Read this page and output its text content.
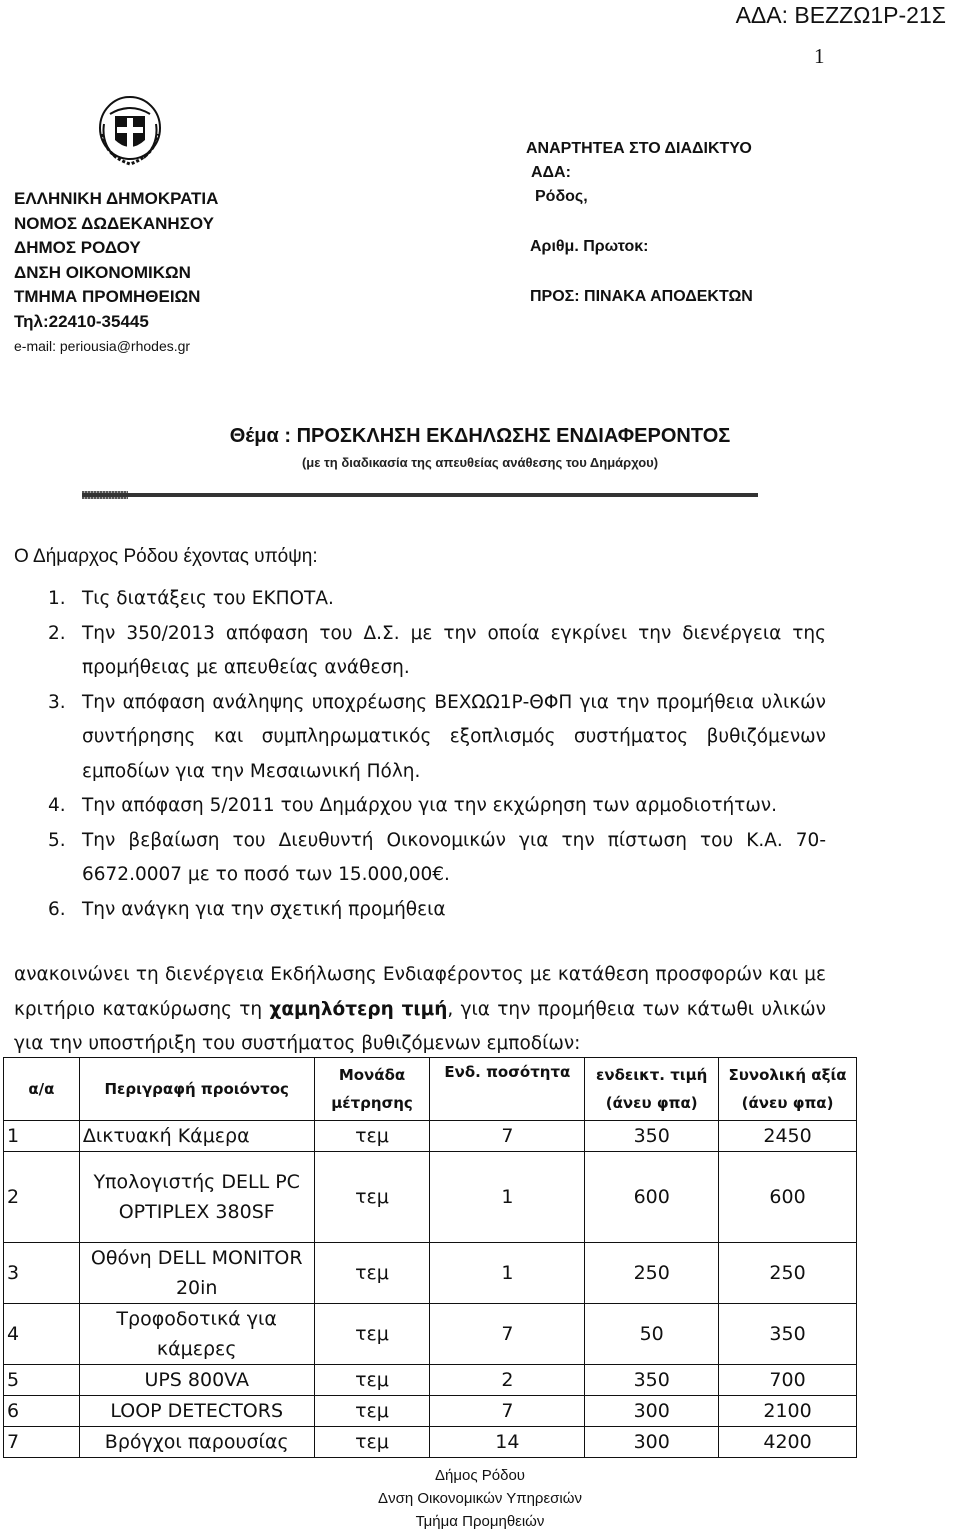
ΑΔΑ: ΒΕΖΖΩ1Ρ-21Σ
1
ΕΛΛΗΝΙΚΗ ΔΗΜΟΚΡΑΤΙΑ
ΝΟΜΟΣ ΔΩΔΕΚΑΝΗΣΟΥ
ΔΗΜΟΣ ΡΟΔΟΥ
ΔΝΣΗ ΟΙΚΟΝΟΜΙΚΩΝ
ΤΜΗΜΑ ΠΡΟΜΗΘΕΙΩΝ
Τηλ:22410-35445
e-mail: periousia@rhodes.gr
ΑΝΑΡΤΗΤΕΑ ΣΤΟ ΔΙΑΔΙΚΤΥΟ
ΑΔΑ:
Ρόδος,
Αριθμ. Πρωτοκ:
ΠΡΟΣ: ΠΙΝΑΚΑ ΑΠΟΔΕΚΤΩΝ
Θέμα : ΠΡΟΣΚΛΗΣΗ ΕΚΔΗΛΩΣΗΣ ΕΝΔΙΑΦΕΡΟΝΤΟΣ
(με τη διαδικασία της απευθείας ανάθεσης του Δημάρχου)
Ο Δήμαρχος Ρόδου έχοντας υπόψη:
1. Τις διατάξεις του ΕΚΠΟΤΑ.
2. Την 350/2013 απόφαση του Δ.Σ. με την οποία εγκρίνει την διενέργεια της προμήθειας με απευθείας ανάθεση.
3. Την απόφαση ανάληψης υποχρέωσης ΒΕΧΩΩ1Ρ-ΘΦΠ για την προμήθεια υλικών συντήρησης και συμπληρωματικός εξοπλισμός συστήματος βυθιζόμενων εμποδίων για την Μεσαιωνική Πόλη.
4. Την απόφαση 5/2011 του Δημάρχου για την εκχώρηση των αρμοδιοτήτων.
5. Την βεβαίωση του Διευθυντή Οικονομικών για την πίστωση του Κ.Α. 70-6672.0007 με το ποσό των 15.000,00€.
6. Την ανάγκη για την σχετική προμήθεια
ανακοινώνει τη διενέργεια Εκδήλωσης Ενδιαφέροντος με κατάθεση προσφορών και με κριτήριο κατακύρωσης τη χαμηλότερη τιμή, για την προμήθεια των κάτωθι υλικών για την υποστήριξη του συστήματος βυθιζόμενων εμποδίων:
α/α	Περιγραφή προιόντος	Μονάδα μέτρησης	Ενδ. ποσότητα	ενδεικτ. τιμή (άνευ φπα)	Συνολική αξία (άνευ φπα)
1	Δικτυακή Κάμερα	τεμ	7	350	2450
2	Υπολογιστής DELL PC OPTIPLEX 380SF	τεμ	1	600	600
3	Οθόνη DELL MONITOR 20in	τεμ	1	250	250
4	Τροφοδοτικά για κάμερες	τεμ	7	50	350
5	UPS 800VA	τεμ	2	350	700
6	LOOP DETECTORS	τεμ	7	300	2100
7	Βρόγχοι παρουσίας	τεμ	14	300	4200
Δήμος Ρόδου
Δνση Οικονομικών Υπηρεσιών
Τμήμα Προμηθειών
